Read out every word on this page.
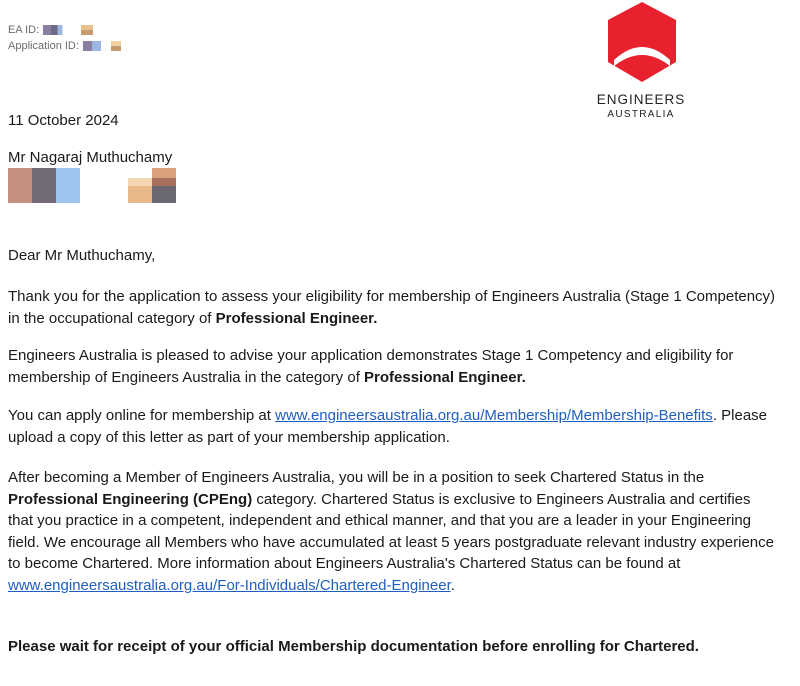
EA ID:
Application ID:
ENGINEERS
AUSTRALIA
11 October 2024
Mr Nagaraj Muthuchamy
Dear Mr Muthuchamy,
Thank you for the application to assess your eligibility for membership of Engineers Australia (Stage 1 Competency) in the occupational category of Professional Engineer.
Engineers Australia is pleased to advise your application demonstrates Stage 1 Competency and eligibility for membership of Engineers Australia in the category of Professional Engineer.
You can apply online for membership at www.engineersaustralia.org.au/Membership/Membership-Benefits. Please upload a copy of this letter as part of your membership application.
After becoming a Member of Engineers Australia, you will be in a position to seek Chartered Status in the Professional Engineering (CPEng) category. Chartered Status is exclusive to Engineers Australia and certifies that you practice in a competent, independent and ethical manner, and that you are a leader in your Engineering field. We encourage all Members who have accumulated at least 5 years postgraduate relevant industry experience to become Chartered. More information about Engineers Australia's Chartered Status can be found at www.engineersaustralia.org.au/For-Individuals/Chartered-Engineer.
Please wait for receipt of your official Membership documentation before enrolling for Chartered.
